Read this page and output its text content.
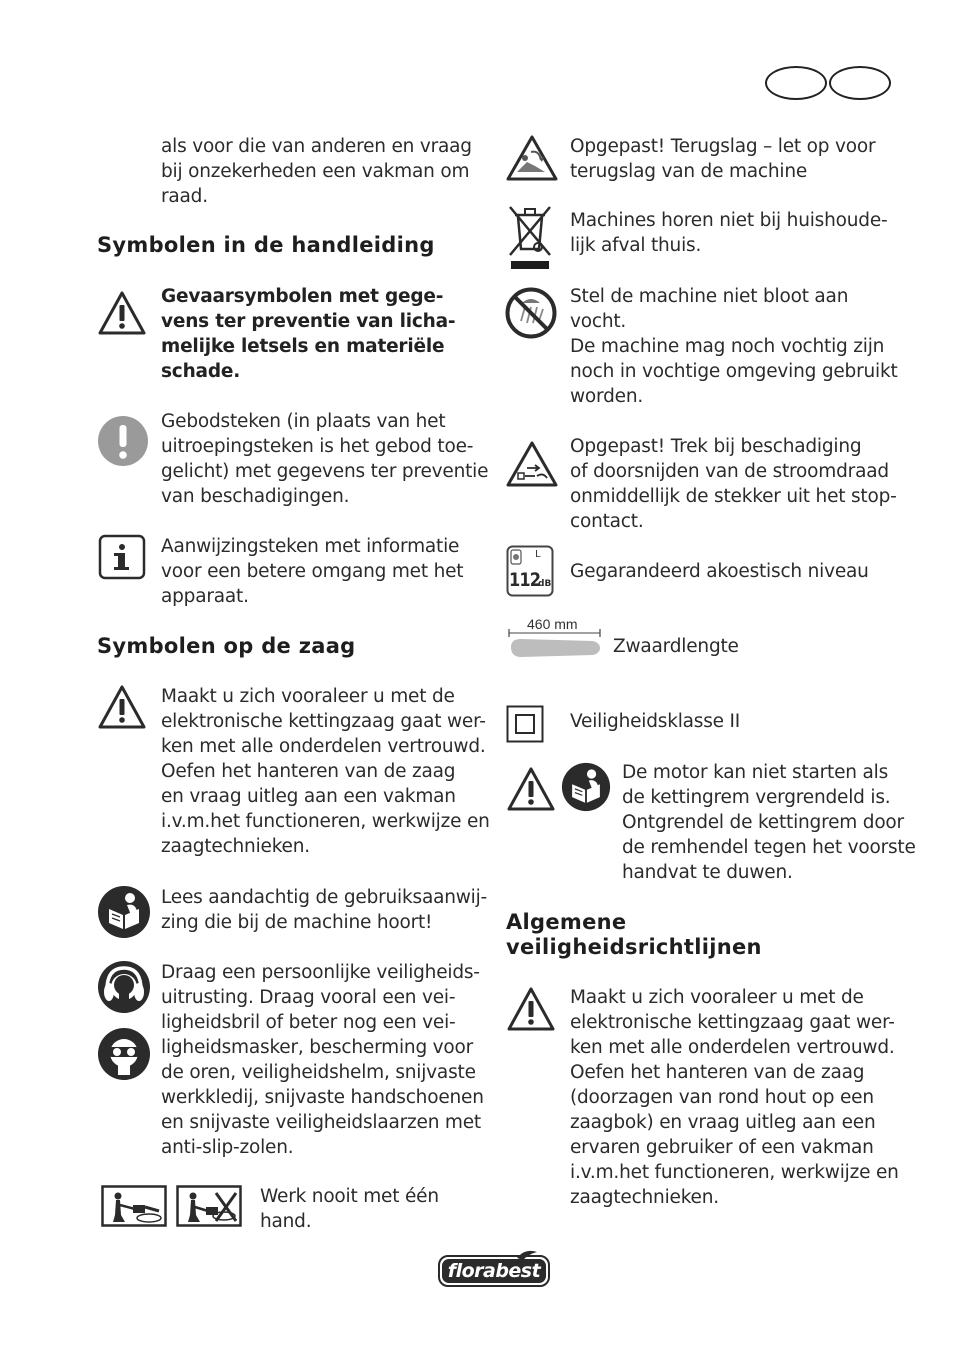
als voor die van anderen en vraag
bij onzekerheden een vakman om
raad.
Symbolen in de handleiding
Gevaarsymbolen met gege-
vens ter preventie van licha-
melijke letsels en materiële
schade.
Gebodsteken (in plaats van het
uitroepingsteken is het gebod toe-
gelicht) met gegevens ter preventie
van beschadigingen.
Aanwijzingsteken met informatie
voor een betere omgang met het
apparaat.
Symbolen op de zaag
Maakt u zich vooraleer u met de
elektronische kettingzaag gaat wer-
ken met alle onderdelen vertrouwd.
Oefen het hanteren van de zaag
en vraag uitleg aan een vakman
i.v.m.het functioneren, werkwijze en
zaagtechnieken.
Lees aandachtig de gebruiksaanwij-
zing die bij de machine hoort!
Draag een persoonlijke veiligheids-
uitrusting. Draag vooral een vei-
ligheidsbril of beter nog een vei-
ligheidsmasker, bescherming voor
de oren, veiligheidshelm, snijvaste
werkkledij, snijvaste handschoenen
en snijvaste veiligheidslaarzen met
anti-slip-zolen.
Werk nooit met één
hand.
Opgepast! Terugslag – let op voor
terugslag van de machine
Machines horen niet bij huishoude-
lijk afval thuis.
Stel de machine niet bloot aan
vocht.
De machine mag noch vochtig zijn
noch in vochtige omgeving gebruikt
worden.
Opgepast! Trek bij beschadiging
of doorsnijden van de stroomdraad
onmiddellijk de stekker uit het stop-
contact.
L
112
dB
Gegarandeerd akoestisch niveau
460 mm
Zwaardlengte
Veiligheidsklasse II
De motor kan niet starten als
de kettingrem vergrendeld is.
Ontgrendel de kettingrem door
de remhendel tegen het voorste
handvat te duwen.
Algemene
veiligheidsrichtlijnen
Maakt u zich vooraleer u met de
elektronische kettingzaag gaat wer-
ken met alle onderdelen vertrouwd.
Oefen het hanteren van de zaag
(doorzagen van rond hout op een
zaagbok) en vraag uitleg aan een
ervaren gebruiker of een vakman
i.v.m.het functioneren, werkwijze en
zaagtechnieken.
florabest
